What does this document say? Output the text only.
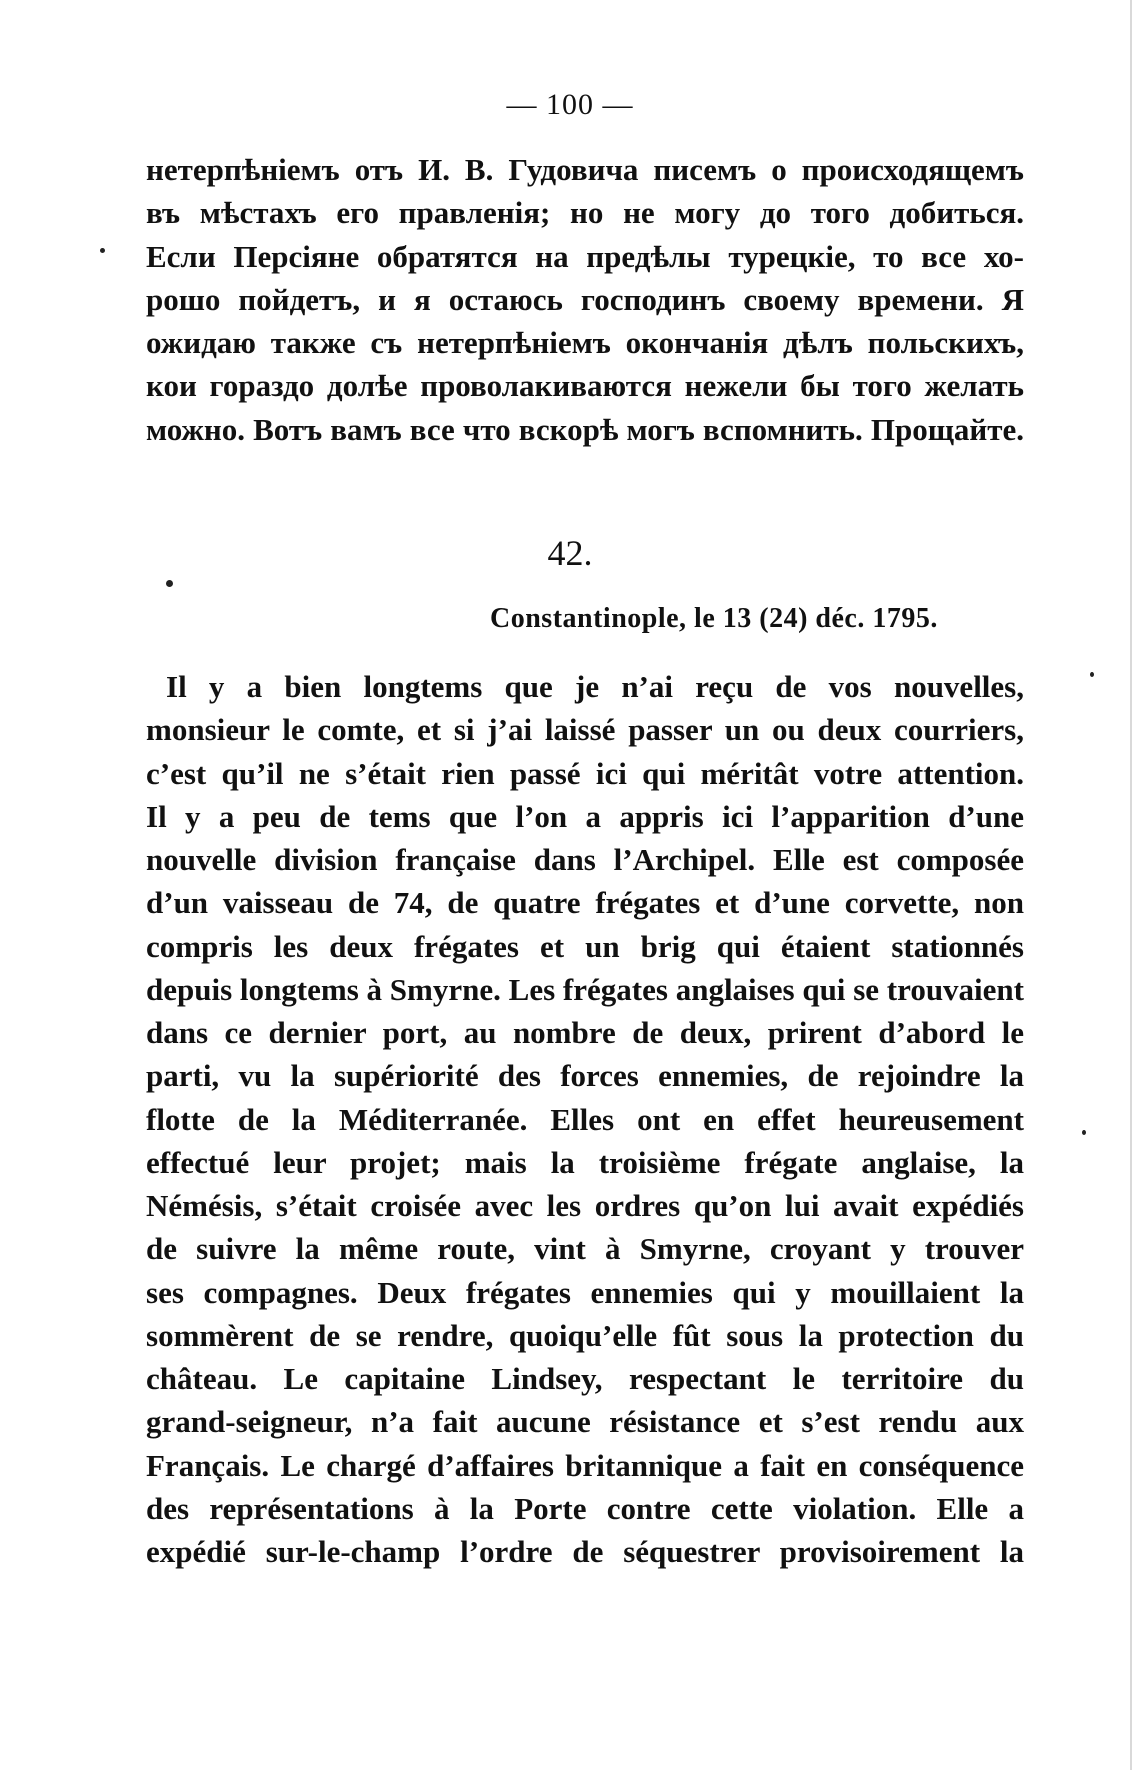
— 100 —
нетерпѣніемъ отъ И. В. Гудовича писемъ о происходящемъ
въ мѣстахъ его правленія; но не могу до того добиться.
Если Персіяне обратятся на предѣлы турецкіе, то все хо-
рошо пойдетъ, и я остаюсь господинъ своему времени. Я
ожидаю также съ нетерпѣніемъ окончанія дѣлъ польскихъ,
кои гораздо долѣе проволакиваются нежели бы того желать
можно. Вотъ вамъ все что вскорѣ могъ вспомнить. Прощайте.
42.
Constantinople, le 13 (24) déc. 1795.
Il y a bien longtems que je n’ai reçu de vos nouvelles,
monsieur le comte, et si j’ai laissé passer un ou deux courriers,
c’est qu’il ne s’était rien passé ici qui méritât votre attention.
Il y a peu de tems que l’on a appris ici l’apparition d’une
nouvelle division française dans l’Archipel. Elle est composée
d’un vaisseau de 74, de quatre frégates et d’une corvette, non
compris les deux frégates et un brig qui étaient stationnés
depuis longtems à Smyrne. Les frégates anglaises qui se trouvaient
dans ce dernier port, au nombre de deux, prirent d’abord le
parti, vu la supériorité des forces ennemies, de rejoindre la
flotte de la Méditerranée. Elles ont en effet heureusement
effectué leur projet; mais la troisième frégate anglaise, la
Némésis, s’était croisée avec les ordres qu’on lui avait expédiés
de suivre la même route, vint à Smyrne, croyant y trouver
ses compagnes. Deux frégates ennemies qui y mouillaient la
sommèrent de se rendre, quoiqu’elle fût sous la protection du
château. Le capitaine Lindsey, respectant le territoire du
grand-seigneur, n’a fait aucune résistance et s’est rendu aux
Français. Le chargé d’affaires britannique a fait en conséquence
des représentations à la Porte contre cette violation. Elle a
expédié sur-le-champ l’ordre de séquestrer provisoirement la
